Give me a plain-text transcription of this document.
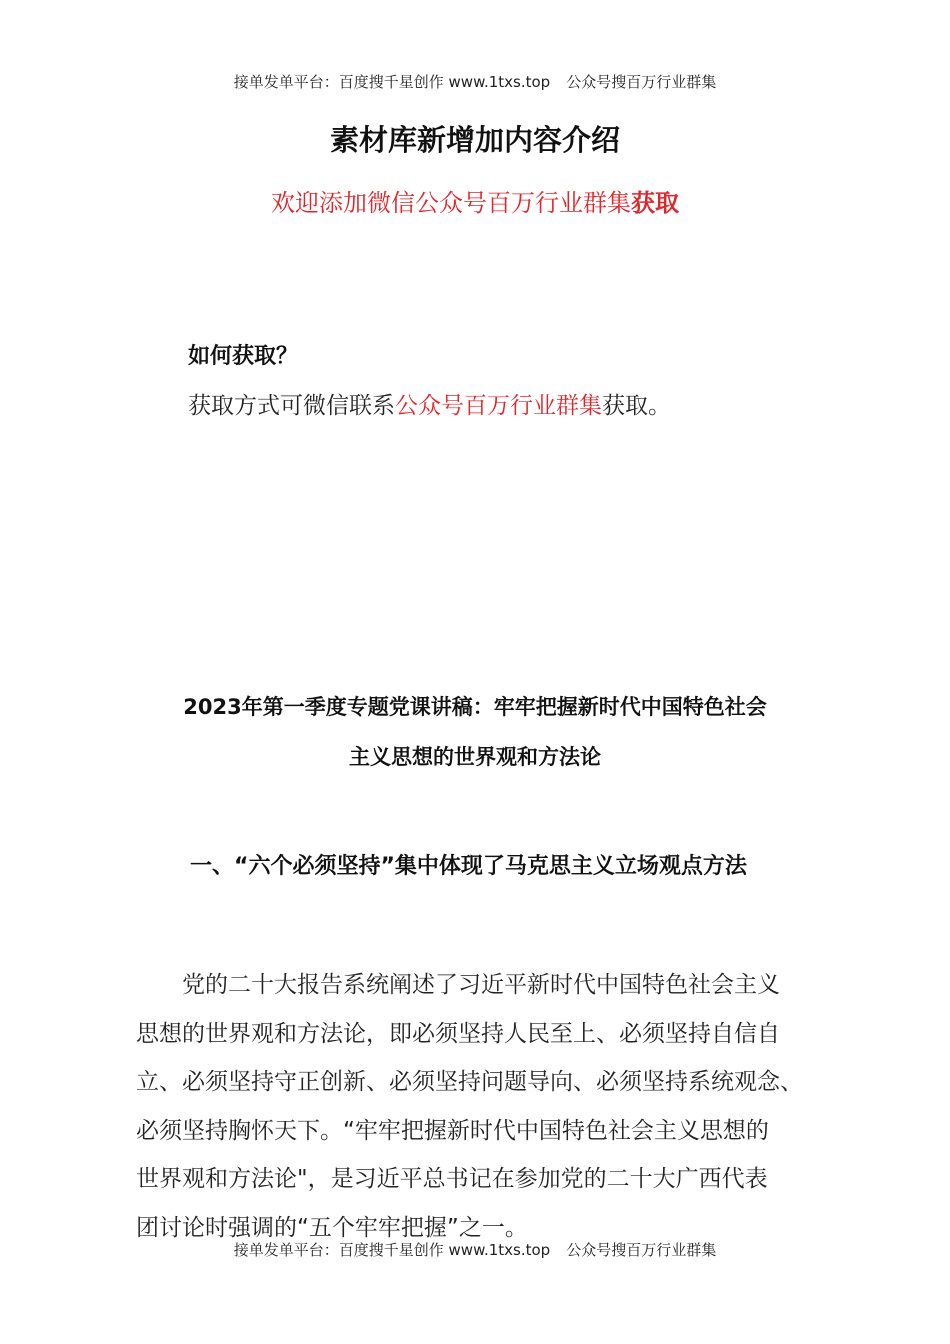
接单发单平台：百度搜千星创作 www.1txs.top 公众号搜百万行业群集
素材库新增加内容介绍
欢迎添加微信公众号百万行业群集获取
如何获取？
获取方式可微信联系公众号百万行业群集获取。
2023年第一季度专题党课讲稿：牢牢把握新时代中国特色社会
主义思想的世界观和方法论
一、“六个必须坚持”集中体现了马克思主义立场观点方法
党的二十大报告系统阐述了习近平新时代中国特色社会主义
思想的世界观和方法论，即必须坚持人民至上、必须坚持自信自
立、必须坚持守正创新、必须坚持问题导向、必须坚持系统观念、
必须坚持胸怀天下。“牢牢把握新时代中国特色社会主义思想的
世界观和方法论"，是习近平总书记在参加党的二十大广西代表
团讨论时强调的“五个牢牢把握”之一。
接单发单平台：百度搜千星创作 www.1txs.top 公众号搜百万行业群集
